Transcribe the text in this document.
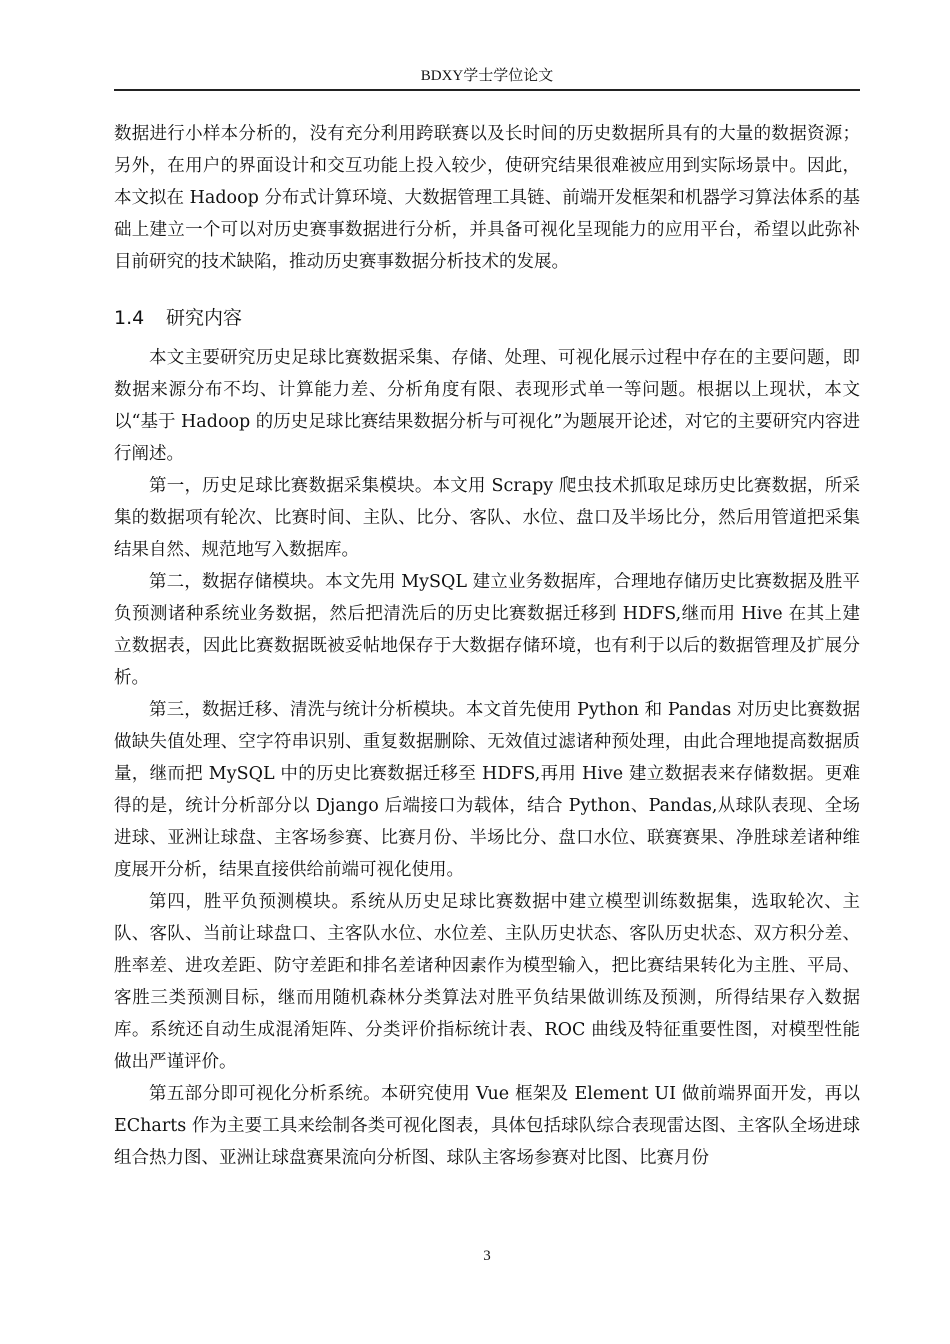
BDXY学士学位论文

数据进行小样本分析的，没有充分利用跨联赛以及长时间的历史数据所具有的大量的数据资源；另外，在用户的界面设计和交互功能上投入较少，使研究结果很难被应用到实际场景中。因此，本文拟在 Hadoop 分布式计算环境、大数据管理工具链、前端开发框架和机器学习算法体系的基础上建立一个可以对历史赛事数据进行分析，并具备可视化呈现能力的应用平台，希望以此弥补目前研究的技术缺陷，推动历史赛事数据分析技术的发展。

1.4 研究内容

本文主要研究历史足球比赛数据采集、存储、处理、可视化展示过程中存在的主要问题，即数据来源分布不均、计算能力差、分析角度有限、表现形式单一等问题。根据以上现状，本文以“基于 Hadoop 的历史足球比赛结果数据分析与可视化”为题展开论述，对它的主要研究内容进行阐述。

第一，历史足球比赛数据采集模块。本文用 Scrapy 爬虫技术抓取足球历史比赛数据，所采集的数据项有轮次、比赛时间、主队、比分、客队、水位、盘口及半场比分，然后用管道把采集结果自然、规范地写入数据库。

第二，数据存储模块。本文先用 MySQL 建立业务数据库，合理地存储历史比赛数据及胜平负预测诸种系统业务数据，然后把清洗后的历史比赛数据迁移到 HDFS,继而用 Hive 在其上建立数据表，因此比赛数据既被妥帖地保存于大数据存储环境，也有利于以后的数据管理及扩展分析。

第三，数据迁移、清洗与统计分析模块。本文首先使用 Python 和 Pandas 对历史比赛数据做缺失值处理、空字符串识别、重复数据删除、无效值过滤诸种预处理，由此合理地提高数据质量，继而把 MySQL 中的历史比赛数据迁移至 HDFS,再用 Hive 建立数据表来存储数据。更难得的是，统计分析部分以 Django 后端接口为载体，结合 Python、Pandas,从球队表现、全场进球、亚洲让球盘、主客场参赛、比赛月份、半场比分、盘口水位、联赛赛果、净胜球差诸种维度展开分析，结果直接供给前端可视化使用。

第四，胜平负预测模块。系统从历史足球比赛数据中建立模型训练数据集，选取轮次、主队、客队、当前让球盘口、主客队水位、水位差、主队历史状态、客队历史状态、双方积分差、胜率差、进攻差距、防守差距和排名差诸种因素作为模型输入，把比赛结果转化为主胜、平局、客胜三类预测目标，继而用随机森林分类算法对胜平负结果做训练及预测，所得结果存入数据库。系统还自动生成混淆矩阵、分类评价指标统计表、ROC 曲线及特征重要性图，对模型性能做出严谨评价。

第五部分即可视化分析系统。本研究使用 Vue 框架及 Element UI 做前端界面开发，再以 ECharts 作为主要工具来绘制各类可视化图表，具体包括球队综合表现雷达图、主客队全场进球组合热力图、亚洲让球盘赛果流向分析图、球队主客场参赛对比图、比赛月份

3
